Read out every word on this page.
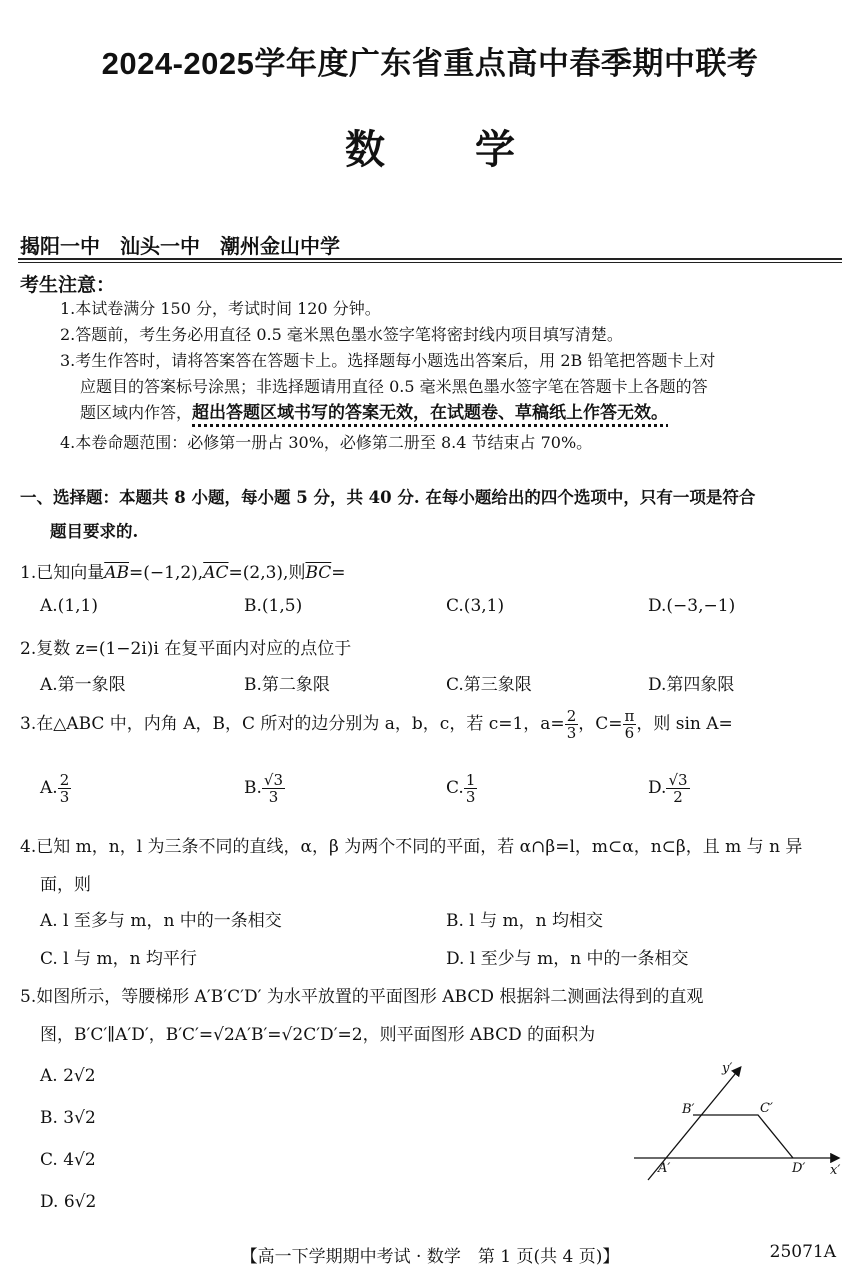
2024-2025学年度广东省重点高中春季期中联考
数学
揭阳一中　汕头一中　潮州金山中学
考生注意：
1.本试卷满分 150 分，考试时间 120 分钟。
2.答题前，考生务必用直径 0.5 毫米黑色墨水签字笔将密封线内项目填写清楚。
3.考生作答时，请将答案答在答题卡上。选择题每小题选出答案后，用 2B 铅笔把答题卡上对
应题目的答案标号涂黑；非选择题请用直径 0.5 毫米黑色墨水签字笔在答题卡上各题的答
题区域内作答，超出答题区域书写的答案无效，在试题卷、草稿纸上作答无效。
4.本卷命题范围：必修第一册占 30%，必修第二册至 8.4 节结束占 70%。
一、选择题：本题共 8 小题，每小题 5 分，共 40 分. 在每小题给出的四个选项中，只有一项是符合
题目要求的.
1.已知向量$\overline{AB}=(-1,2),\overline{AC}=(2,3)$,则$\overline{BC}=$
A.(1,1)	B.(1,5)	C.(3,1)	D.(−3,−1)
2.复数 z=(1−2i)i 在复平面内对应的点位于
A.第一象限	B.第二象限	C.第三象限	D.第四象限
3.在△ABC 中，内角 A，B，C 所对的边分别为 a，b，c，若 c=1，$a= \frac{2}{3}$ ，$C= \frac{\pi}{6}$ ，则 sin A=
A. $\frac{2}{3}$	B. $\frac{√3}{3}$	C. $\frac{1}{3}$	D. $\frac{√3}{2}$
4.已知 m，n，l 为三条不同的直线，α，β 为两个不同的平面，若 α∩β=l，m⊂α，n⊂β，且 m 与 n 异
面，则
A. l 至多与 m，n 中的一条相交	B. l 与 m，n 均相交
C. l 与 m，n 均平行	D. l 至少与 m，n 中的一条相交
5.如图所示，等腰梯形 A′B′C′D′ 为水平放置的平面图形 ABCD 根据斜二测画法得到的直观
图，B′C′∥A′D′，B′C′=√2A′B′=√2C′D′=2，则平面图形 ABCD 的面积为
A. 2√2
B. 3√2
C. 4√2
D. 6√2
y′
x′
A′
B′	C′
D′
【高一下学期期中考试 · 数学　第 1 页(共 4 页)】	25071A
